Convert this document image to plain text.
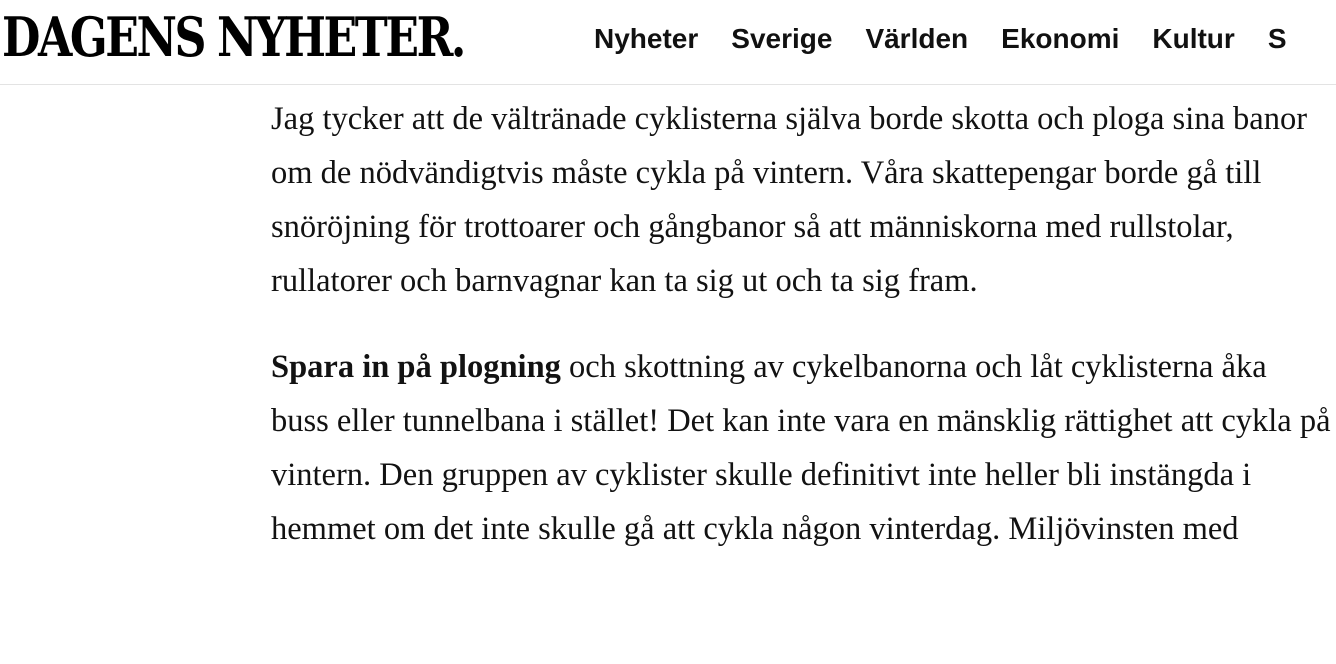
DAGENS NYHETER.	Nyheter Sverige Världen Ekonomi Kultur S

Jag tycker att de vältränade cyklisterna själva borde skotta och ploga sina banor om de nödvändigtvis måste cykla på vintern. Våra skattepengar borde gå till snöröjning för trottoarer och gångbanor så att människorna med rullstolar, rullatorer och barnvagnar kan ta sig ut och ta sig fram.

Spara in på plogning och skottning av cykelbanorna och låt cyklisterna åka buss eller tunnelbana i stället! Det kan inte vara en mänsklig rättighet att cykla på vintern. Den gruppen av cyklister skulle definitivt inte heller bli instängda i hemmet om det inte skulle gå att cykla någon vinterdag. Miljövinsten med
